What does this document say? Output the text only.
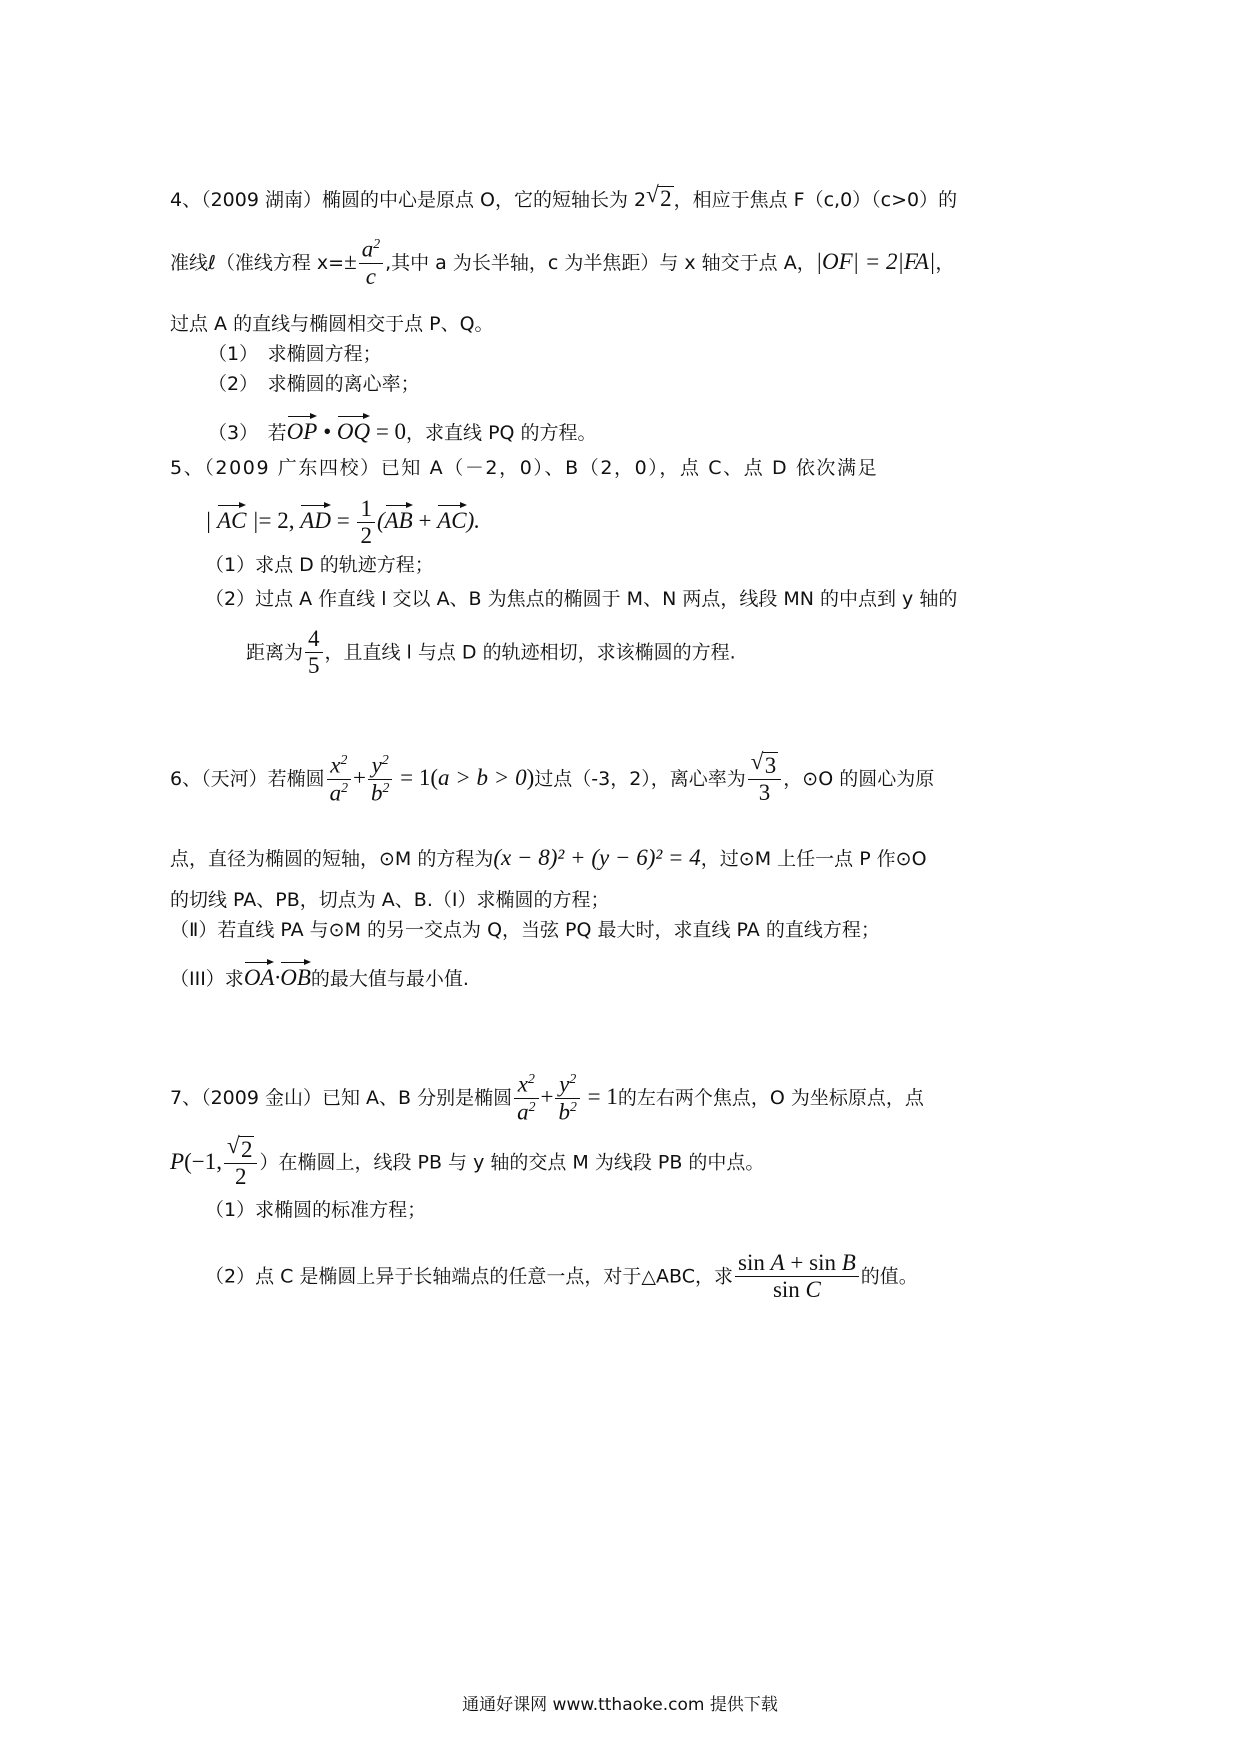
4、（2009 湖南）椭圆的中心是原点 O，它的短轴长为 2 √ 2 ，相应于焦点 F（c,0）（c>0）的
准线ℓ（准线方程 $x=\pm \frac{a^2}{c}$ ,其中 a 为长半轴，c 为半焦距）与 x 轴交于点 A，|OF| = 2|FA|，
过点 A 的直线与椭圆相交于点 P、Q。
（1）　求椭圆方程；
（2）　求椭圆的离心率；
（3）　若OP • OQ = 0，求直线 PQ 的方程。
5、（2009 广东四校）已知 A（－2，0）、B（2，0），点 C、点 D 依次满足
| AC |= 2, AD = $\frac{1}{2} (AB + AC)$.
（1）求点 D 的轨迹方程；
（2）过点 A 作直线 l 交以 A、B 为焦点的椭圆于 M、N 两点，线段 MN 的中点到 y 轴的
距离为 $\frac{4}{5}$ ，且直线 l 与点 D 的轨迹相切，求该椭圆的方程.
6、（天河）若椭圆 $\frac{x^2}{a^2} + \frac{y^2}{b^2} = 1(a > b > 0)$过点（-3，2），离心率为 √ $\frac{3}{3}$ ，⊙O 的圆心为原
点，直径为椭圆的短轴，⊙M 的方程为(x − 8)² + (y − 6)² = 4，过⊙M 上任一点 P 作⊙O
的切线 PA、PB，切点为 A、B.（Ⅰ）求椭圆的方程；
（Ⅱ）若直线 PA 与⊙M 的另一交点为 Q，当弦 PQ 最大时，求直线 PA 的直线方程；
（III）求OA·OB的最大值与最小值.
7、（2009 金山）已知 A、B 分别是椭圆 $\frac{x^2}{a^2} + \frac{y^2}{b^2} = 1$的左右两个焦点，O 为坐标原点，点
P(−1, √ $\frac{2}{2}$ ）在椭圆上，线段 PB 与 y 轴的交点 M 为线段 PB 的中点。
（1）求椭圆的标准方程；
（2）点 C 是椭圆上异于长轴端点的任意一点，对于△ABC，求 $\frac{\text{sin A + sin B}}{\text{sin C}}$ 的值。
通通好课网 www.tthaoke.com 提供下载
